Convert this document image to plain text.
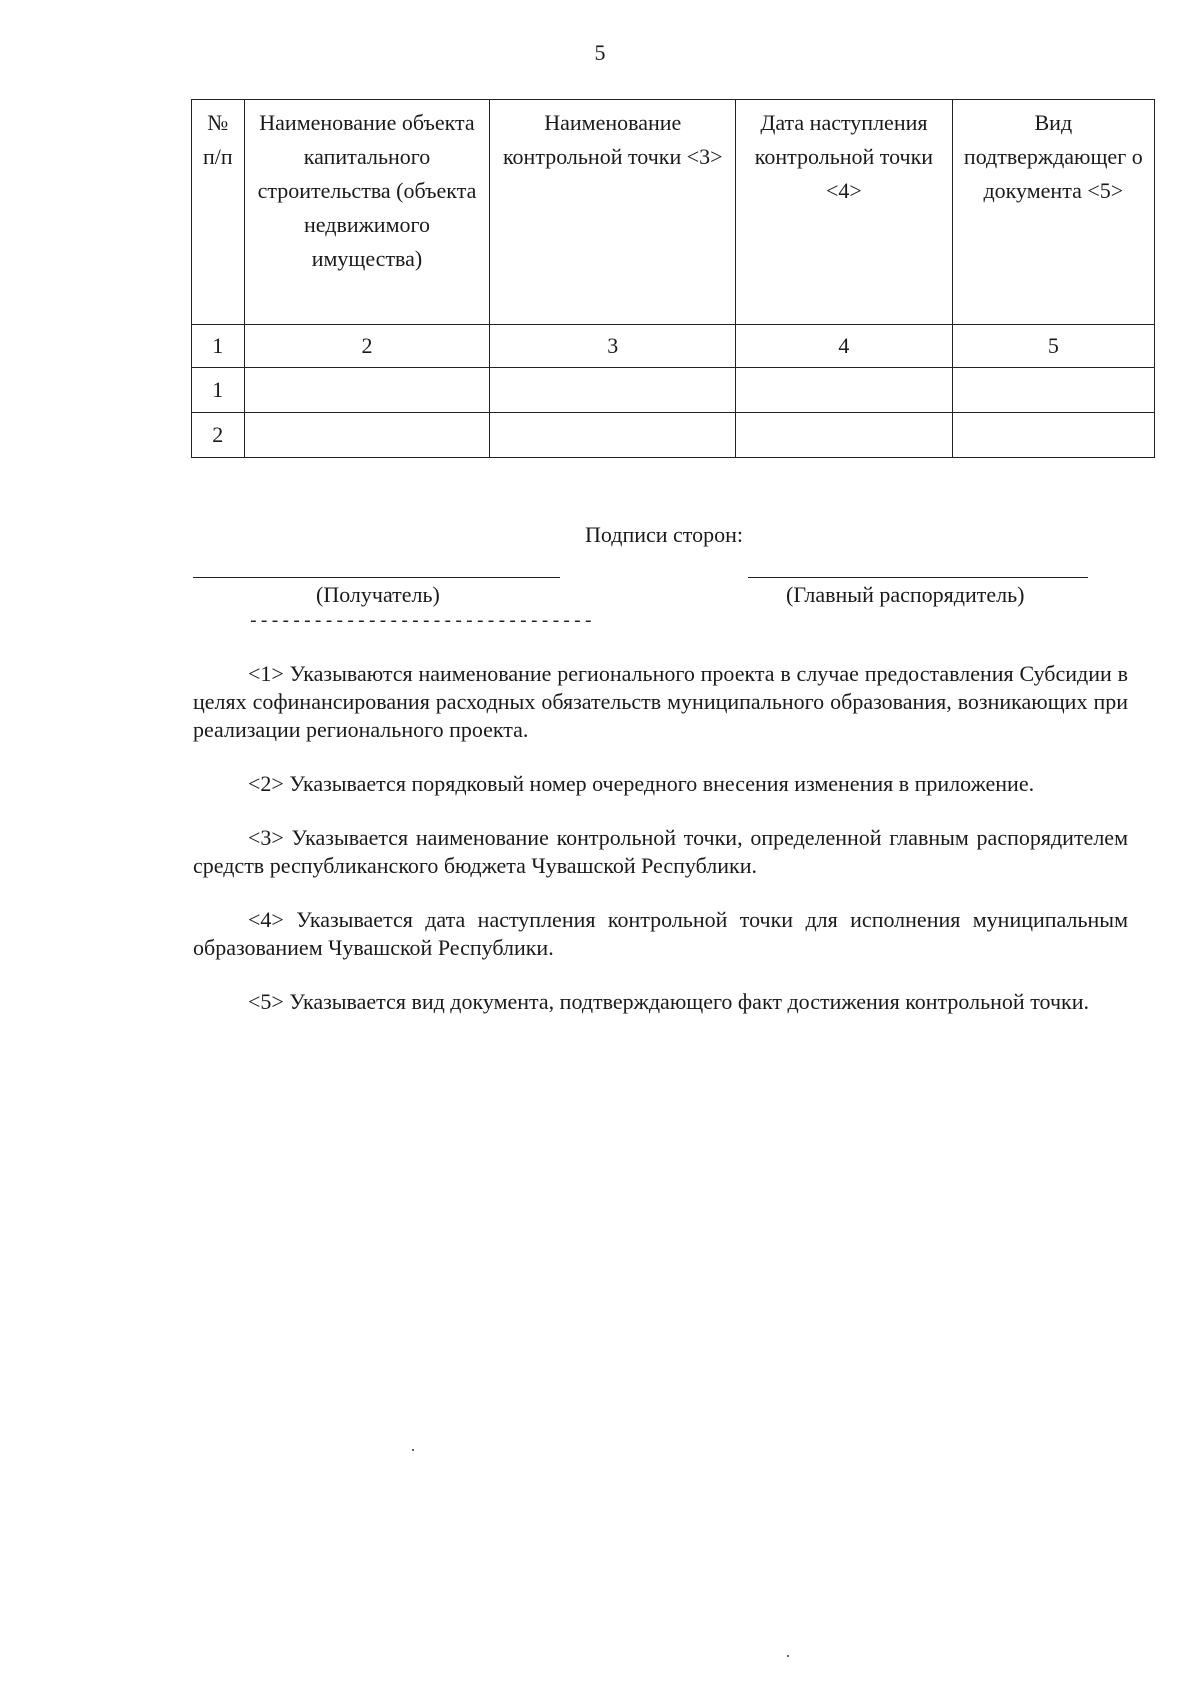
5
№ п/п	Наименование объекта капитального строительства (объекта недвижимого имущества)	Наименование контрольной точки <3>	Дата наступления контрольной точки <4>	Вид подтверждающег о документа <5>
1	2	3	4	5
1				
2				
Подписи сторон:
(Получатель)	(Главный распорядитель)
--------------------------------

<1> Указываются наименование регионального проекта в случае предоставления Субсидии в целях софинансирования расходных обязательств муниципального образования, возникающих при реализации регионального проекта.

<2> Указывается порядковый номер очередного внесения изменения в приложение.

<3> Указывается наименование контрольной точки, определенной главным распорядителем средств республиканского бюджета Чувашской Республики.

<4> Указывается дата наступления контрольной точки для исполнения муниципальным образованием Чувашской Республики.

<5> Указывается вид документа, подтверждающего факт достижения контрольной точки.
